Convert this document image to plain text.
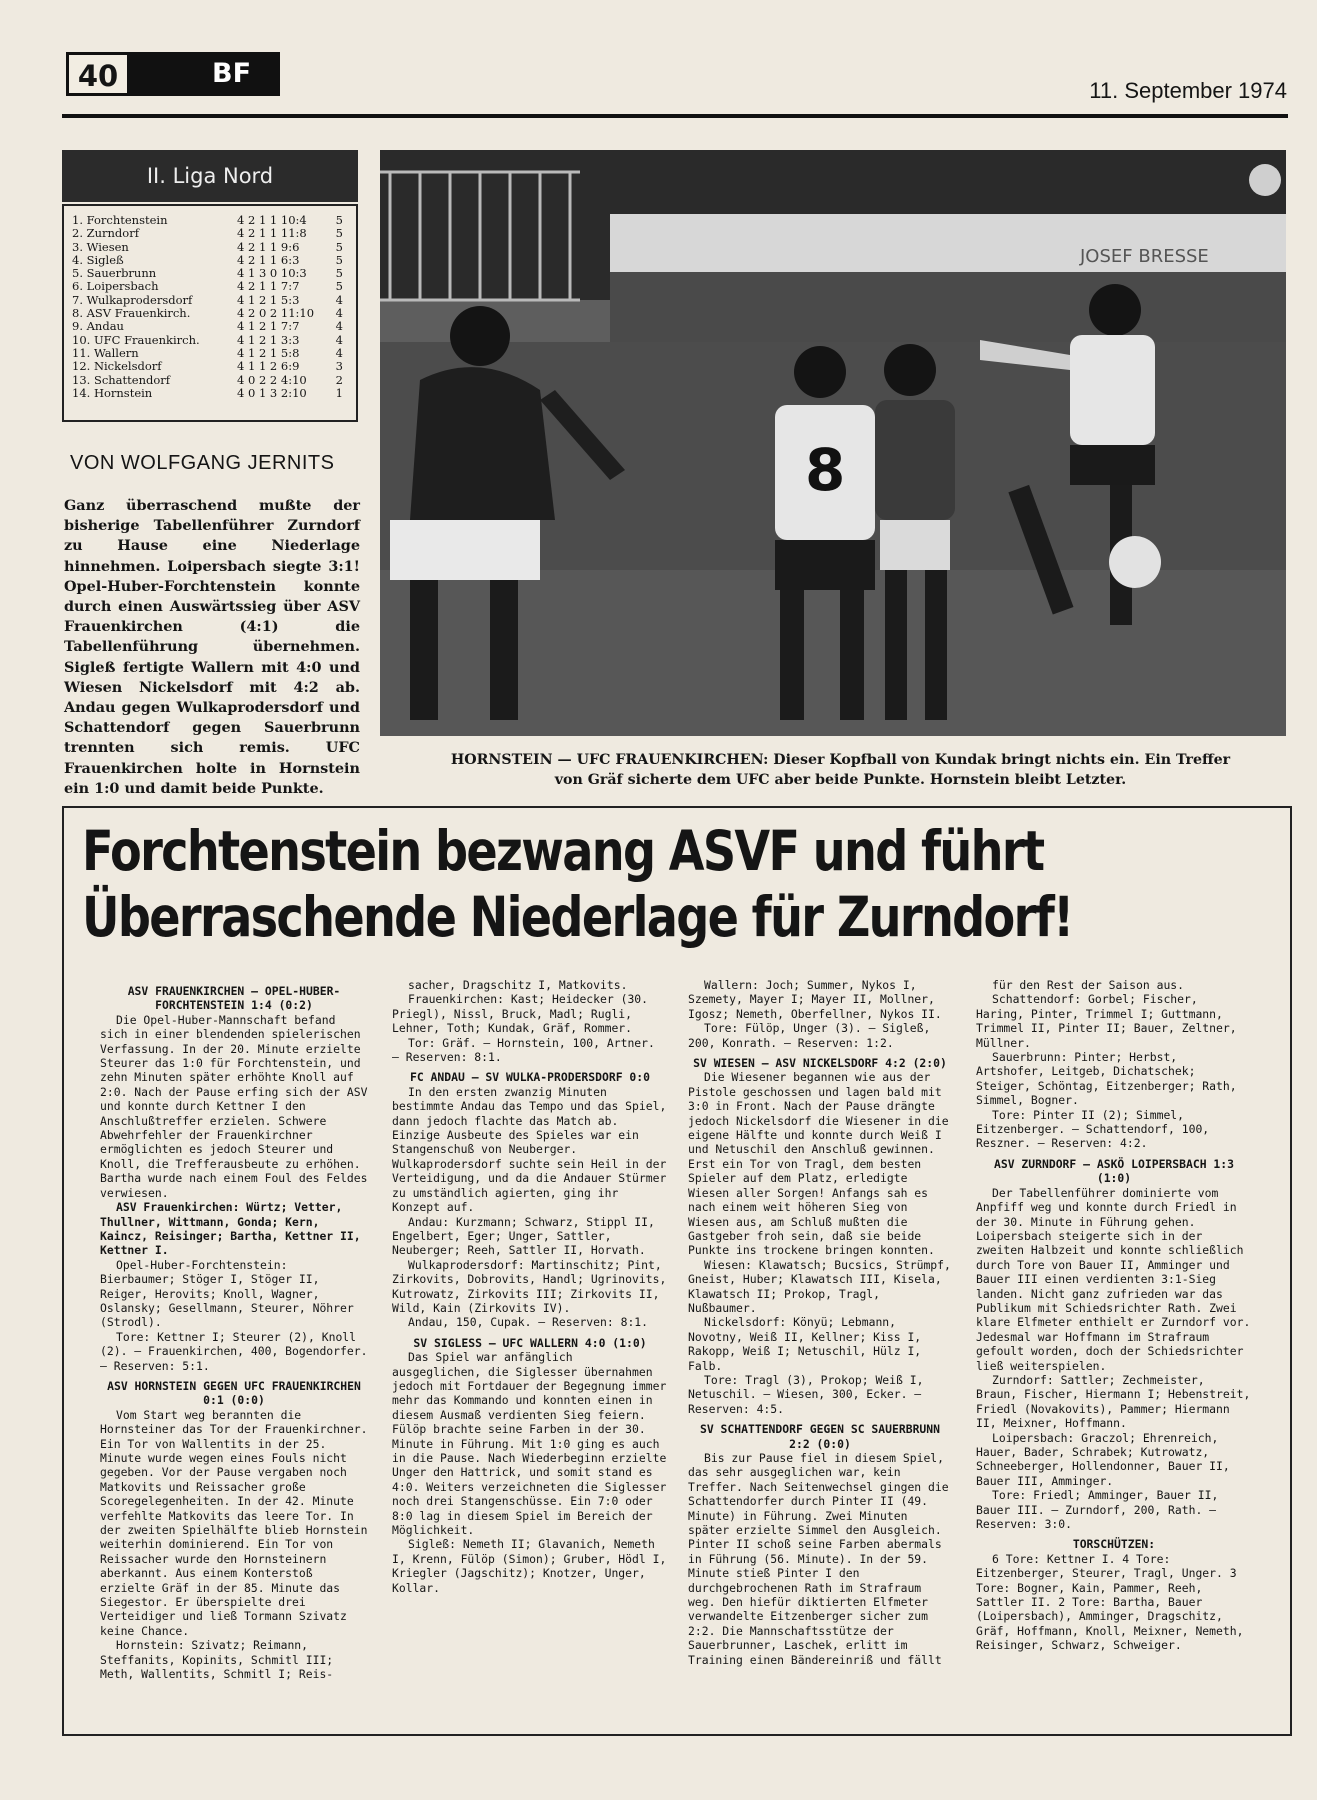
40	BF
11. September 1974
II. Liga Nord
1. Forchtenstein	4 2 1 1 10:4	5
2. Zurndorf	4 2 1 1 11:8	5
3. Wiesen	4 2 1 1 9:6	5
4. Sigleß	4 2 1 1 6:3	5
5. Sauerbrunn	4 1 3 0 10:3	5
6. Loipersbach	4 2 1 1 7:7	5
7. Wulkaprodersdorf	4 1 2 1 5:3	4
8. ASV Frauenkirch.	4 2 0 2 11:10	4
9. Andau	4 1 2 1 7:7	4
10. UFC Frauenkirch.	4 1 2 1 3:3	4
11. Wallern	4 1 2 1 5:8	4
12. Nickelsdorf	4 1 1 2 6:9	3
13. Schattendorf	4 0 2 2 4:10	2
14. Hornstein	4 0 1 3 2:10	1
VON WOLFGANG JERNITS
Ganz überraschend mußte der bisherige Tabellenführer Zurndorf zu Hause eine Niederlage hinnehmen. Loipersbach siegte 3:1! Opel-Huber-Forchtenstein konnte durch einen Auswärtssieg über ASV Frauenkirchen (4:1) die Tabellenführung übernehmen. Sigleß fertigte Wallern mit 4:0 und Wiesen Nickelsdorf mit 4:2 ab. Andau gegen Wulkaprodersdorf und Schattendorf gegen Sauerbrunn trennten sich remis. UFC Frauenkirchen holte in Hornstein ein 1:0 und damit beide Punkte.
JOSEF BRESSE
8
HORNSTEIN — UFC FRAUENKIRCHEN: Dieser Kopfball von Kundak bringt nichts ein. Ein Treffer
von Gräf sicherte dem UFC aber beide Punkte. Hornstein bleibt Letzter.
Forchtenstein bezwang ASVF und führt
Überraschende Niederlage für Zurndorf!

ASV FRAUENKIRCHEN — OPEL-HUBER-FORCHTENSTEIN 1:4 (0:2)

Die Opel-Huber-Mannschaft befand sich in einer blendenden spielerischen Verfassung. In der 20. Minute erzielte Steurer das 1:0 für Forchtenstein, und zehn Minuten später erhöhte Knoll auf 2:0. Nach der Pause erfing sich der ASV und konnte durch Kettner I den Anschlußtreffer erzielen. Schwere Abwehrfehler der Frauenkirchner ermöglichten es jedoch Steurer und Knoll, die Trefferausbeute zu erhöhen. Bartha wurde nach einem Foul des Feldes verwiesen.

ASV Frauenkirchen: Würtz; Vetter, Thullner, Wittmann, Gonda; Kern, Kaincz, Reisinger; Bartha, Kettner II, Kettner I.

Opel-Huber-Forchtenstein: Bierbaumer; Stöger I, Stöger II, Reiger, Herovits; Knoll, Wagner, Oslansky; Gesellmann, Steurer, Nöhrer (Strodl).

Tore: Kettner I; Steurer (2), Knoll (2). — Frauenkirchen, 400, Bogendorfer. — Reserven: 5:1.

ASV HORNSTEIN GEGEN UFC FRAUENKIRCHEN 0:1 (0:0)

Vom Start weg berannten die Hornsteiner das Tor der Frauenkirchner. Ein Tor von Wallentits in der 25. Minute wurde wegen eines Fouls nicht gegeben. Vor der Pause vergaben noch Matkovits und Reissacher große Scoregelegenheiten. In der 42. Minute verfehlte Matkovits das leere Tor. In der zweiten Spielhälfte blieb Hornstein weiterhin dominierend. Ein Tor von Reissacher wurde den Hornsteinern aberkannt. Aus einem Konterstoß erzielte Gräf in der 85. Minute das Siegestor. Er überspielte drei Verteidiger und ließ Tormann Szivatz keine Chance.

Hornstein: Szivatz; Reimann, Steffanits, Kopinits, Schmitl III; Meth, Wallentits, Schmitl I; Reis-

sacher, Dragschitz I, Matkovits.

Frauenkirchen: Kast; Heidecker (30. Priegl), Nissl, Bruck, Madl; Rugli, Lehner, Toth; Kundak, Gräf, Rommer.

Tor: Gräf. — Hornstein, 100, Artner. — Reserven: 8:1.

FC ANDAU — SV WULKA-PRODERSDORF 0:0

In den ersten zwanzig Minuten bestimmte Andau das Tempo und das Spiel, dann jedoch flachte das Match ab. Einzige Ausbeute des Spieles war ein Stangenschuß von Neuberger. Wulkaprodersdorf suchte sein Heil in der Verteidigung, und da die Andauer Stürmer zu umständlich agierten, ging ihr Konzept auf.

Andau: Kurzmann; Schwarz, Stippl II, Engelbert, Eger; Unger, Sattler, Neuberger; Reeh, Sattler II, Horvath.

Wulkaprodersdorf: Martinschitz; Pint, Zirkovits, Dobrovits, Handl; Ugrinovits, Kutrowatz, Zirkovits III; Zirkovits II, Wild, Kain (Zirkovits IV).

Andau, 150, Cupak. — Reserven: 8:1.

SV SIGLESS — UFC WALLERN 4:0 (1:0)

Das Spiel war anfänglich ausgeglichen, die Siglesser übernahmen jedoch mit Fortdauer der Begegnung immer mehr das Kommando und konnten einen in diesem Ausmaß verdienten Sieg feiern. Fülöp brachte seine Farben in der 30. Minute in Führung. Mit 1:0 ging es auch in die Pause. Nach Wiederbeginn erzielte Unger den Hattrick, und somit stand es 4:0. Weiters verzeichneten die Siglesser noch drei Stangenschüsse. Ein 7:0 oder 8:0 lag in diesem Spiel im Bereich der Möglichkeit.

Sigleß: Nemeth II; Glavanich, Nemeth I, Krenn, Fülöp (Simon); Gruber, Hödl I, Kriegler (Jagschitz); Knotzer, Unger, Kollar.

Wallern: Joch; Summer, Nykos I, Szemety, Mayer I; Mayer II, Mollner, Igosz; Nemeth, Oberfellner, Nykos II.

Tore: Fülöp, Unger (3). — Sigleß, 200, Konrath. — Reserven: 1:2.

SV WIESEN — ASV NICKELSDORF 4:2 (2:0)

Die Wiesener begannen wie aus der Pistole geschossen und lagen bald mit 3:0 in Front. Nach der Pause drängte jedoch Nickelsdorf die Wiesener in die eigene Hälfte und konnte durch Weiß I und Netuschil den Anschluß gewinnen. Erst ein Tor von Tragl, dem besten Spieler auf dem Platz, erledigte Wiesen aller Sorgen! Anfangs sah es nach einem weit höheren Sieg von Wiesen aus, am Schluß mußten die Gastgeber froh sein, daß sie beide Punkte ins trockene bringen konnten.

Wiesen: Klawatsch; Bucsics, Strümpf, Gneist, Huber; Klawatsch III, Kisela, Klawatsch II; Prokop, Tragl, Nußbaumer.

Nickelsdorf: Könyü; Lebmann, Novotny, Weiß II, Kellner; Kiss I, Rakopp, Weiß I; Netuschil, Hülz I, Falb.

Tore: Tragl (3), Prokop; Weiß I, Netuschil. — Wiesen, 300, Ecker. — Reserven: 4:5.

SV SCHATTENDORF GEGEN SC SAUERBRUNN 2:2 (0:0)

Bis zur Pause fiel in diesem Spiel, das sehr ausgeglichen war, kein Treffer. Nach Seitenwechsel gingen die Schattendorfer durch Pinter II (49. Minute) in Führung. Zwei Minuten später erzielte Simmel den Ausgleich. Pinter II schoß seine Farben abermals in Führung (56. Minute). In der 59. Minute stieß Pinter I den durchgebrochenen Rath im Strafraum weg. Den hiefür diktierten Elfmeter verwandelte Eitzenberger sicher zum 2:2. Die Mannschaftsstütze der Sauerbrunner, Laschek, erlitt im Training einen Bändereinriß und fällt

für den Rest der Saison aus.

Schattendorf: Gorbel; Fischer, Haring, Pinter, Trimmel I; Guttmann, Trimmel II, Pinter II; Bauer, Zeltner, Müllner.

Sauerbrunn: Pinter; Herbst, Artshofer, Leitgeb, Dichatschek; Steiger, Schöntag, Eitzenberger; Rath, Simmel, Bogner.

Tore: Pinter II (2); Simmel, Eitzenberger. — Schattendorf, 100, Reszner. — Reserven: 4:2.

ASV ZURNDORF — ASKÖ LOIPERSBACH 1:3 (1:0)

Der Tabellenführer dominierte vom Anpfiff weg und konnte durch Friedl in der 30. Minute in Führung gehen. Loipersbach steigerte sich in der zweiten Halbzeit und konnte schließlich durch Tore von Bauer II, Amminger und Bauer III einen verdienten 3:1-Sieg landen. Nicht ganz zufrieden war das Publikum mit Schiedsrichter Rath. Zwei klare Elfmeter enthielt er Zurndorf vor. Jedesmal war Hoffmann im Strafraum gefoult worden, doch der Schiedsrichter ließ weiterspielen.

Zurndorf: Sattler; Zechmeister, Braun, Fischer, Hiermann I; Hebenstreit, Friedl (Novakovits), Pammer; Hiermann II, Meixner, Hoffmann.

Loipersbach: Graczol; Ehrenreich, Hauer, Bader, Schrabek; Kutrowatz, Schneeberger, Hollendonner, Bauer II, Bauer III, Amminger.

Tore: Friedl; Amminger, Bauer II, Bauer III. — Zurndorf, 200, Rath. — Reserven: 3:0.

TORSCHÜTZEN:

6 Tore: Kettner I. 4 Tore: Eitzenberger, Steurer, Tragl, Unger. 3 Tore: Bogner, Kain, Pammer, Reeh, Sattler II. 2 Tore: Bartha, Bauer (Loipersbach), Amminger, Dragschitz, Gräf, Hoffmann, Knoll, Meixner, Nemeth, Reisinger, Schwarz, Schweiger.
